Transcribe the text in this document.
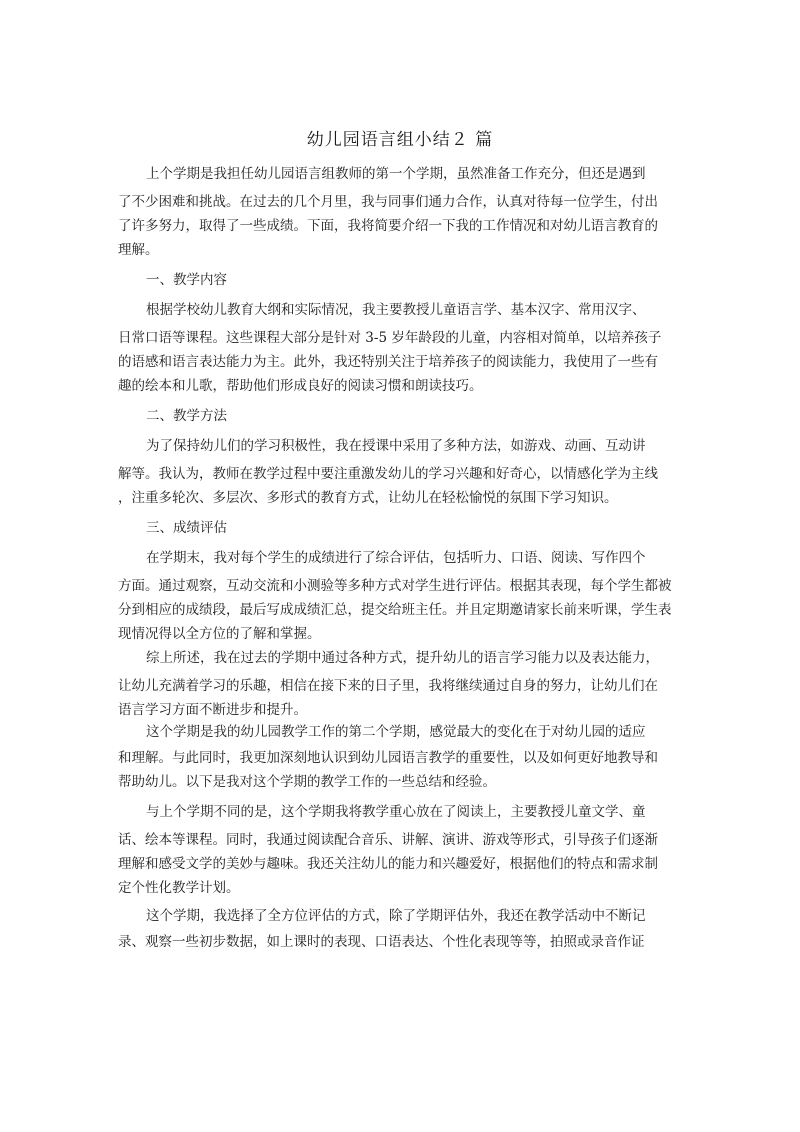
幼儿园语言组小结２ 篇
上个学期是我担任幼儿园语言组教师的第一个学期，虽然准备工作充分，但还是遇到
了不少困难和挑战。在过去的几个月里，我与同事们通力合作，认真对待每一位学生，付出
了许多努力，取得了一些成绩。下面，我将简要介绍一下我的工作情况和对幼儿语言教育的
理解。
一、教学内容
根据学校幼儿教育大纲和实际情况，我主要教授儿童语言学、基本汉字、常用汉字、
日常口语等课程。这些课程大部分是针对 3-5 岁年龄段的儿童，内容相对简单，以培养孩子
的语感和语言表达能力为主。此外，我还特别关注于培养孩子的阅读能力，我使用了一些有
趣的绘本和儿歌，帮助他们形成良好的阅读习惯和朗读技巧。
二、教学方法
为了保持幼儿们的学习积极性，我在授课中采用了多种方法，如游戏、动画、互动讲
解等。我认为，教师在教学过程中要注重激发幼儿的学习兴趣和好奇心，以情感化学为主线
，注重多轮次、多层次、多形式的教育方式，让幼儿在轻松愉悦的氛围下学习知识。
三、成绩评估
在学期末，我对每个学生的成绩进行了综合评估，包括听力、口语、阅读、写作四个
方面。通过观察，互动交流和小测验等多种方式对学生进行评估。根据其表现，每个学生都被
分到相应的成绩段，最后写成成绩汇总，提交给班主任。并且定期邀请家长前来听课，学生表
现情况得以全方位的了解和掌握。
综上所述，我在过去的学期中通过各种方式，提升幼儿的语言学习能力以及表达能力，
让幼儿充满着学习的乐趣，相信在接下来的日子里，我将继续通过自身的努力，让幼儿们在
语言学习方面不断进步和提升。
这个学期是我的幼儿园教学工作的第二个学期，感觉最大的变化在于对幼儿园的适应
和理解。与此同时，我更加深刻地认识到幼儿园语言教学的重要性，以及如何更好地教导和
帮助幼儿。以下是我对这个学期的教学工作的一些总结和经验。
与上个学期不同的是，这个学期我将教学重心放在了阅读上，主要教授儿童文学、童
话、绘本等课程。同时，我通过阅读配合音乐、讲解、演讲、游戏等形式，引导孩子们逐渐
理解和感受文学的美妙与趣味。我还关注幼儿的能力和兴趣爱好，根据他们的特点和需求制
定个性化教学计划。
这个学期，我选择了全方位评估的方式，除了学期评估外，我还在教学活动中不断记
录、观察一些初步数据，如上课时的表现、口语表达、个性化表现等等，拍照或录音作证
